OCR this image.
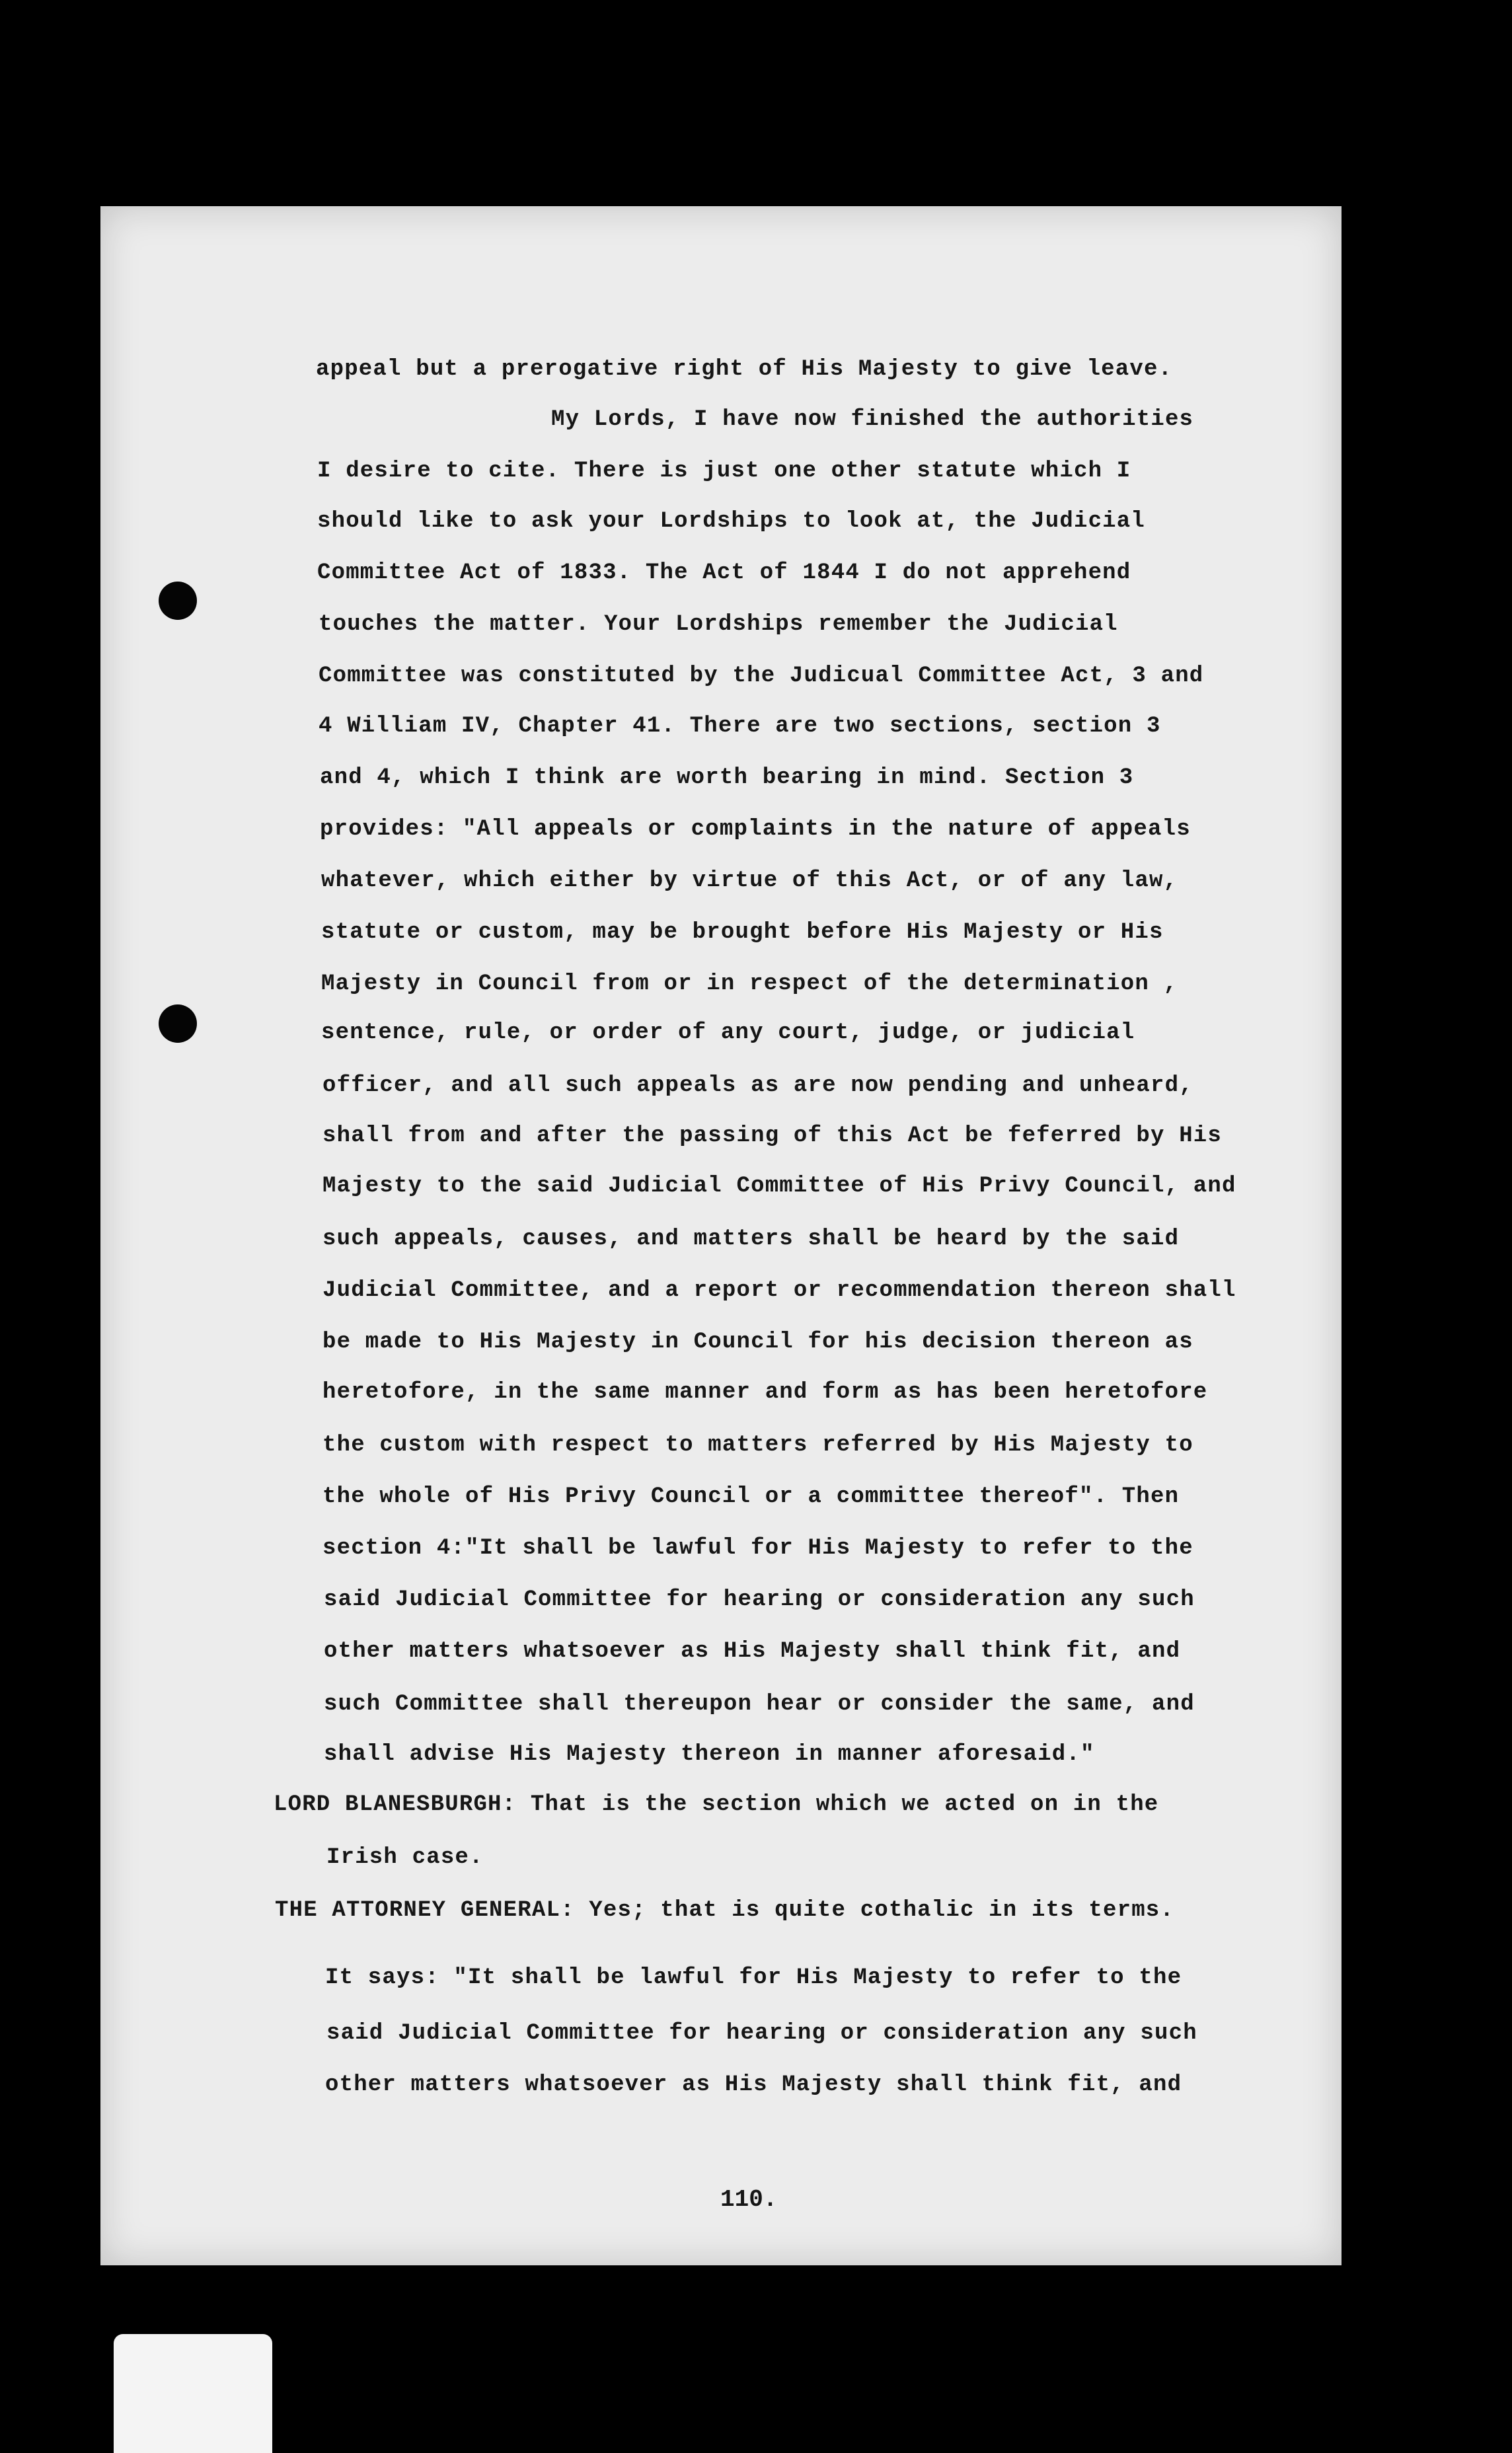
appeal but a prerogative right of His Majesty to give leave.
My Lords, I have now finished the authorities
I desire to cite. There is just one other statute which I
should like to ask your Lordships to look at, the Judicial
Committee Act of 1833. The Act of 1844 I do not apprehend
touches the matter. Your Lordships remember the Judicial
Committee was constituted by the Judicual Committee Act, 3 and
4 William IV, Chapter 41. There are two sections, section 3
and 4, which I think are worth bearing in mind. Section 3
provides: "All appeals or complaints in the nature of appeals
whatever, which either by virtue of this Act, or of any law,
statute or custom, may be brought before His Majesty or His
Majesty in Council from or in respect of the determination ,
sentence, rule, or order of any court, judge, or judicial
officer, and all such appeals as are now pending and unheard,
shall from and after the passing of this Act be feferred by His
Majesty to the said Judicial Committee of His Privy Council, and
such appeals, causes, and matters shall be heard by the said
Judicial Committee, and a report or recommendation thereon shall
be made to His Majesty in Council for his decision thereon as
heretofore, in the same manner and form as has been heretofore
the custom with respect to matters referred by His Majesty to
the whole of His Privy Council or a committee thereof". Then
section 4:"It shall be lawful for His Majesty to refer to the
said Judicial Committee for hearing or consideration any such
other matters whatsoever as His Majesty shall think fit, and
such Committee shall thereupon hear or consider the same, and
shall advise His Majesty thereon in manner aforesaid."
LORD BLANESBURGH: That is the section which we acted on in the
Irish case.
THE ATTORNEY GENERAL: Yes; that is quite cothalic in its terms.
It says: "It shall be lawful for His Majesty to refer to the
said Judicial Committee for hearing or consideration any such
other matters whatsoever as His Majesty shall think fit, and
110.
